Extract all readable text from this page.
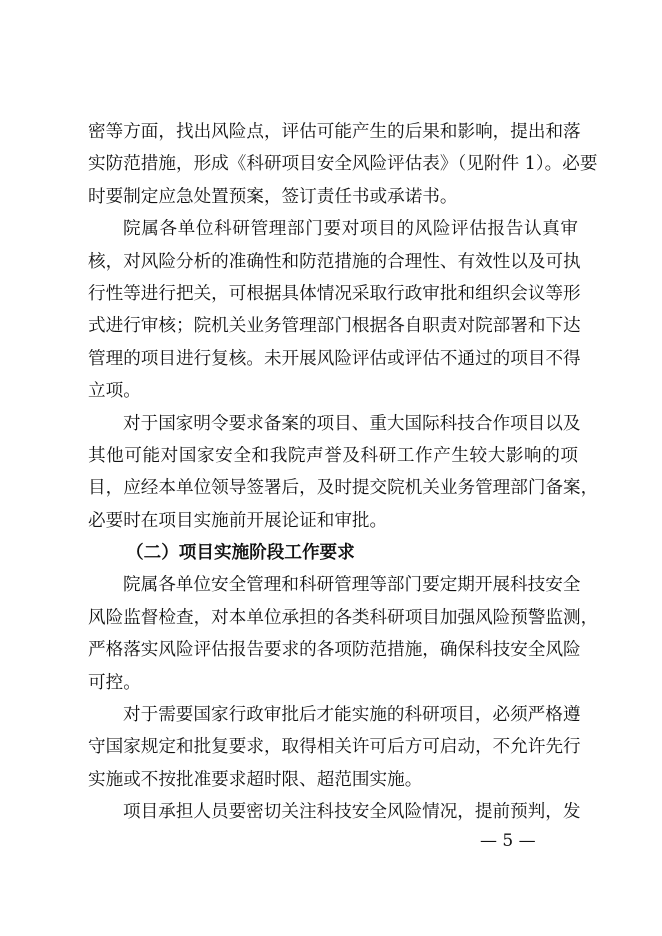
密等方面，找出风险点，评估可能产生的后果和影响，提出和落
实防范措施，形成《科研项目安全风险评估表》（见附件 1）。必要
时要制定应急处置预案，签订责任书或承诺书。
院属各单位科研管理部门要对项目的风险评估报告认真审
核，对风险分析的准确性和防范措施的合理性、有效性以及可执
行性等进行把关，可根据具体情况采取行政审批和组织会议等形
式进行审核；院机关业务管理部门根据各自职责对院部署和下达
管理的项目进行复核。未开展风险评估或评估不通过的项目不得
立项。
对于国家明令要求备案的项目、重大国际科技合作项目以及
其他可能对国家安全和我院声誉及科研工作产生较大影响的项
目，应经本单位领导签署后，及时提交院机关业务管理部门备案，
必要时在项目实施前开展论证和审批。
（二）项目实施阶段工作要求
院属各单位安全管理和科研管理等部门要定期开展科技安全
风险监督检查，对本单位承担的各类科研项目加强风险预警监测，
严格落实风险评估报告要求的各项防范措施，确保科技安全风险
可控。
对于需要国家行政审批后才能实施的科研项目，必须严格遵
守国家规定和批复要求，取得相关许可后方可启动，不允许先行
实施或不按批准要求超时限、超范围实施。
项目承担人员要密切关注科技安全风险情况，提前预判，发
— 5 —
